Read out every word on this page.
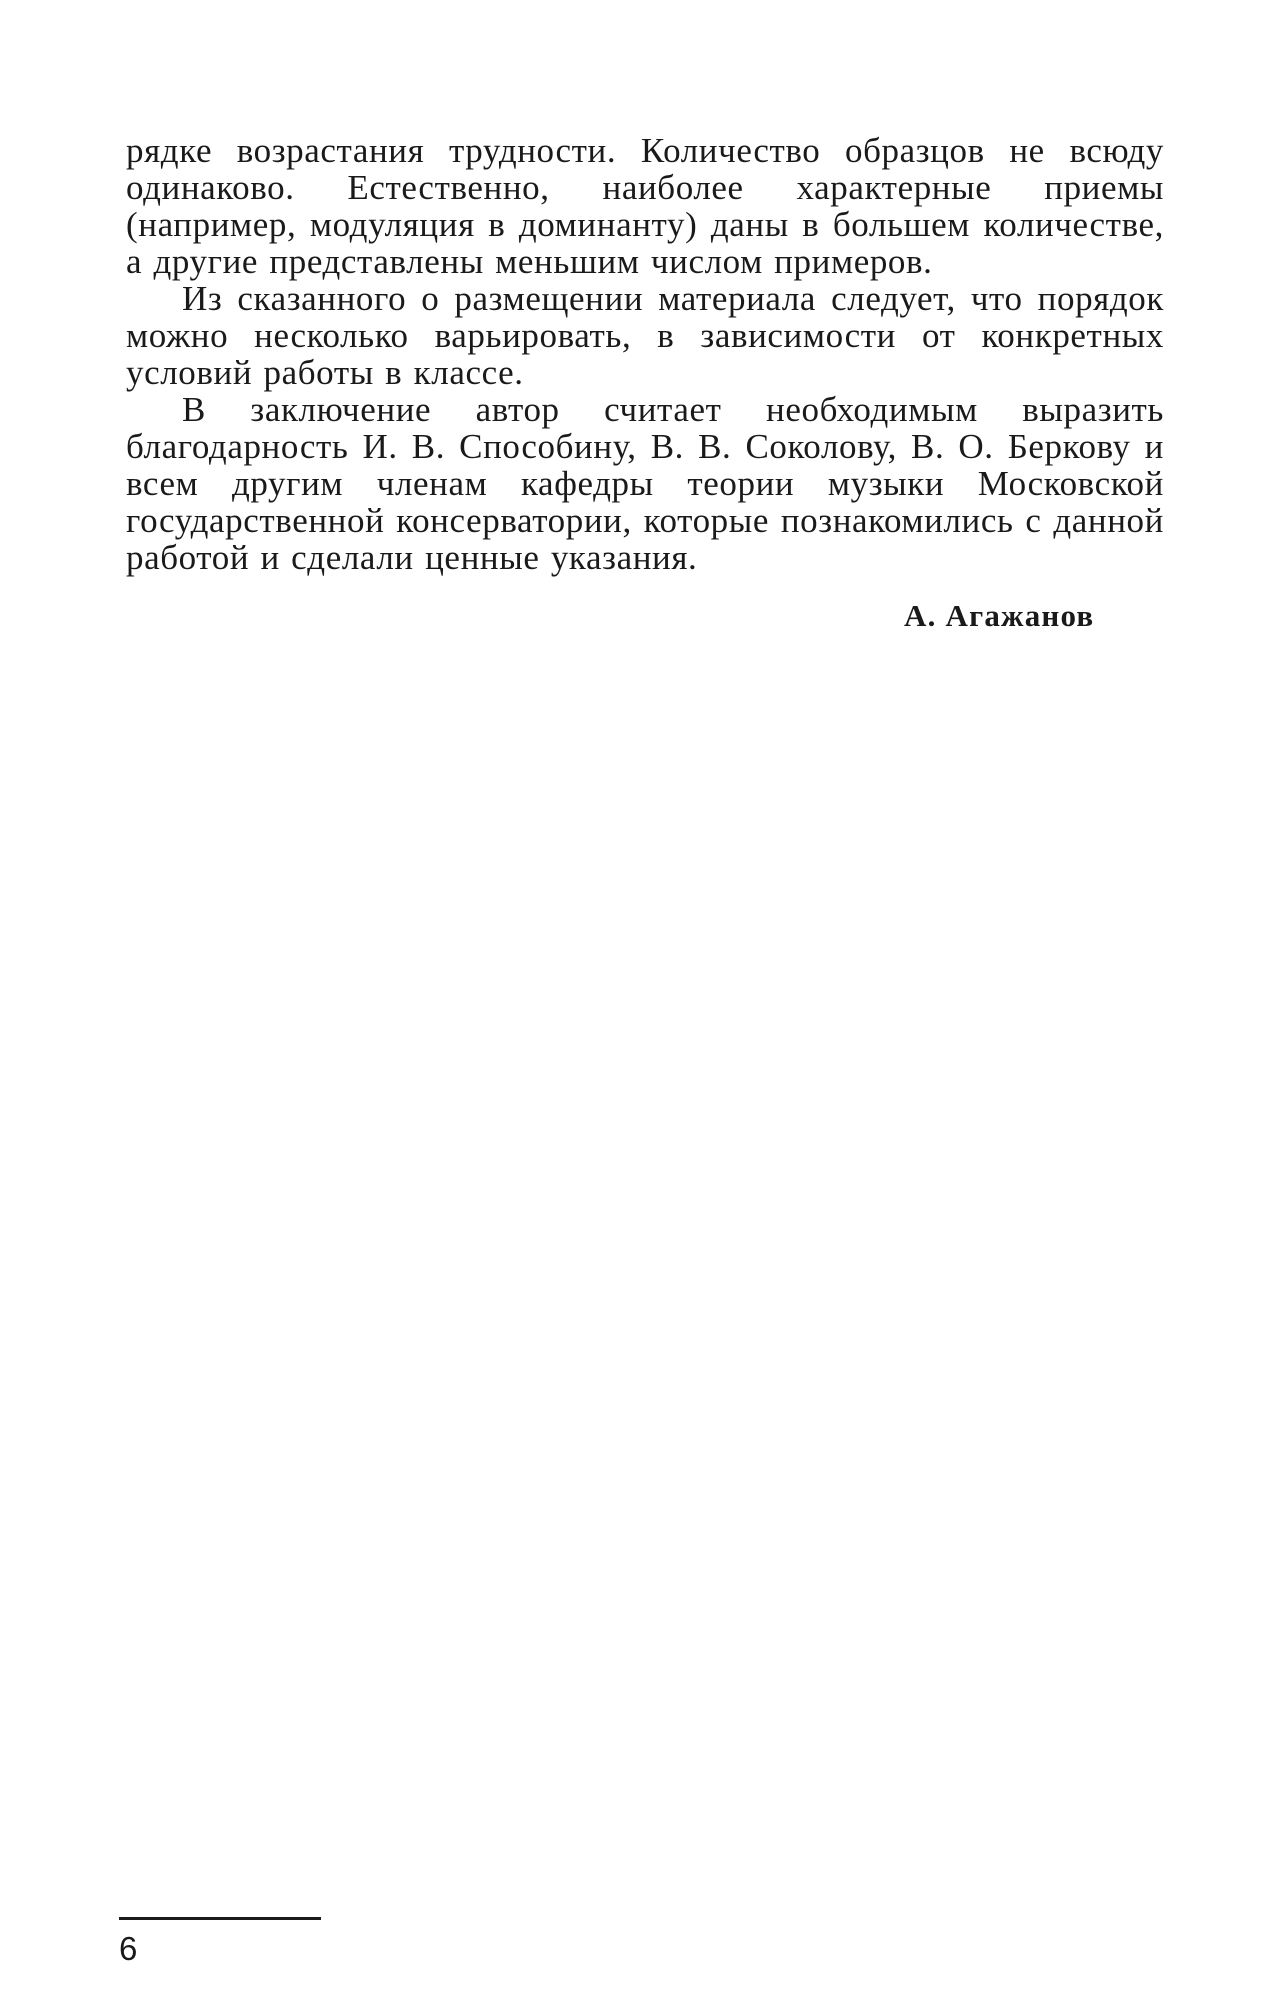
рядке возрастания трудности. Количество образцов не всюду одинаково. Естественно, наиболее характерные приемы (например, модуляция в доминанту) даны в большем количестве, а другие представлены меньшим числом примеров.

Из сказанного о размещении материала следует, что порядок можно несколько варьировать, в зависимости от конкретных условий работы в классе.

В заключение автор считает необходимым выразить благодарность И. В. Способину, В. В. Соколову, В. О. Беркову и всем другим членам кафедры теории музыки Московской государственной консерватории, которые познакомились с данной работой и сделали ценные указания.

А. Агажанов
6
